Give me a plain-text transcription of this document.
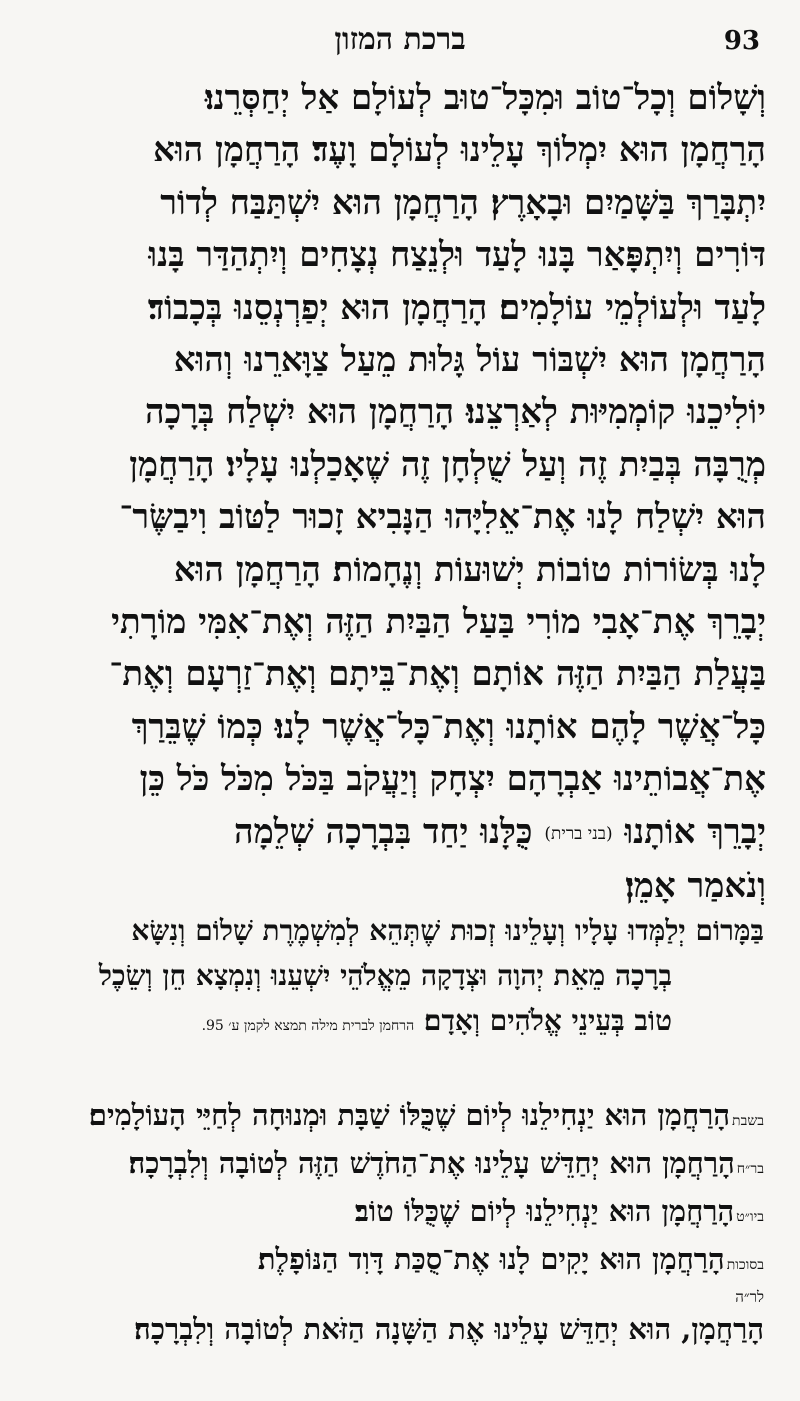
93
ברכת המזון
וְשָׁלוֹם וְכָל־טוֹב וּמִכָּל־טוּב לְעוֹלָם אַל יְחַסְּרֵנוּ׃
הָרַחֲמָן הוּא יִמְלוֹךְ עָלֵינוּ לְעוֹלָם וָעֶד׃ הָרַחֲמָן הוּא
יִתְבָּרַךְ בַּשָּׁמַיִם וּבָאָרֶץ׃ הָרַחֲמָן הוּא יִשְׁתַּבַּח לְדוֹר
דּוֹרִים וְיִתְפָּאַר בָּנוּ לָעַד וּלְנֵצַח נְצָחִים וְיִתְהַדַּר בָּנוּ
לָעַד וּלְעוֹלְמֵי עוֹלָמִים׃ הָרַחֲמָן הוּא יְפַרְנְסֵנוּ בְּכָבוֹד׃
הָרַחֲמָן הוּא יִשְׁבּוֹר עוֹל גָּלוּת מֵעַל צַוָּארֵנוּ וְהוּא
יוֹלִיכֵנוּ קוֹמְמִיּוּת לְאַרְצֵנוּ׃ הָרַחֲמָן הוּא יִשְׁלַח בְּרָכָה
מְרֻבָּה בְּבַיִת זֶה וְעַל שֻׁלְחָן זֶה שֶׁאָכַלְנוּ עָלָיו׃ הָרַחֲמָן
הוּא יִשְׁלַח לָנוּ אֶת־אֵלִיָּהוּ הַנָּבִיא זָכוּר לַטּוֹב וִיבַשֶּׂר־
לָנוּ בְּשׂוֹרוֹת טוֹבוֹת יְשׁוּעוֹת וְנֶחָמוֹת׃ הָרַחֲמָן הוּא
יְבָרֵךְ אֶת־אָבִי מוֹרִי בַּעַל הַבַּיִת הַזֶּה וְאֶת־אִמִּי מוֹרָתִי
בַּעֲלַת הַבַּיִת הַזֶּה אוֹתָם וְאֶת־בֵּיתָם וְאֶת־זַרְעָם וְאֶת־
כָּל־אֲשֶׁר לָהֶם אוֹתָנוּ וְאֶת־כָּל־אֲשֶׁר לָנוּ׃ כְּמוֹ שֶׁבֵּרַךְ
אֶת־אֲבוֹתֵינוּ אַבְרָהָם יִצְחָק וְיַעֲקֹב בַּכֹּל מִכֹּל כֹּל כֵּן
יְבָרֵךְ אוֹתָנוּ (בני ברית) כֻּלָּנוּ יַחַד בִּבְרָכָה שְׁלֵמָה
וְנֹאמַר אָמֵן׃
בַּמָּרוֹם יְלַמְּדוּ עָלָיו וְעָלֵינוּ זְכוּת שֶׁתְּהֵא לְמִשְׁמֶרֶת שָׁלוֹם וְנִשָּׂא
בְרָכָה מֵאֵת יְהוָה וּצְדָקָה מֵאֱלֹהֵי יִשְׁעֵנוּ וְנִמְצָא חֵן וְשֵׂכֶל
טוֹב בְּעֵינֵי אֱלֹהִים וְאָדָם׃ הרחמן לברית מילה תמצא לקמן ע׳ 95.
בשבתהָרַחֲמָן הוּא יַנְחִילֵנוּ לְיוֹם שֶׁכֻּלּוֹ שַׁבָּת וּמְנוּחָה לְחַיֵּי הָעוֹלָמִים׃
בר״חהָרַחֲמָן הוּא יְחַדֵּשׁ עָלֵינוּ אֶת־הַחֹדֶשׁ הַזֶּה לְטוֹבָה וְלִבְרָכָה׃
ביו״טהָרַחֲמָן הוּא יַנְחִילֵנוּ לְיוֹם שֶׁכֻּלּוֹ טוֹב׃
בסוכותהָרַחֲמָן הוּא יָקִים לָנוּ אֶת־סֻכַּת דָּוִד הַנּוֹפָלֶת׃
לר״ה
הָרַחֲמָן, הוּא יְחַדֵּשׁ עָלֵינוּ אֶת הַשָּׁנָה הַזֹּאת לְטוֹבָה וְלִבְרָכָה׃
